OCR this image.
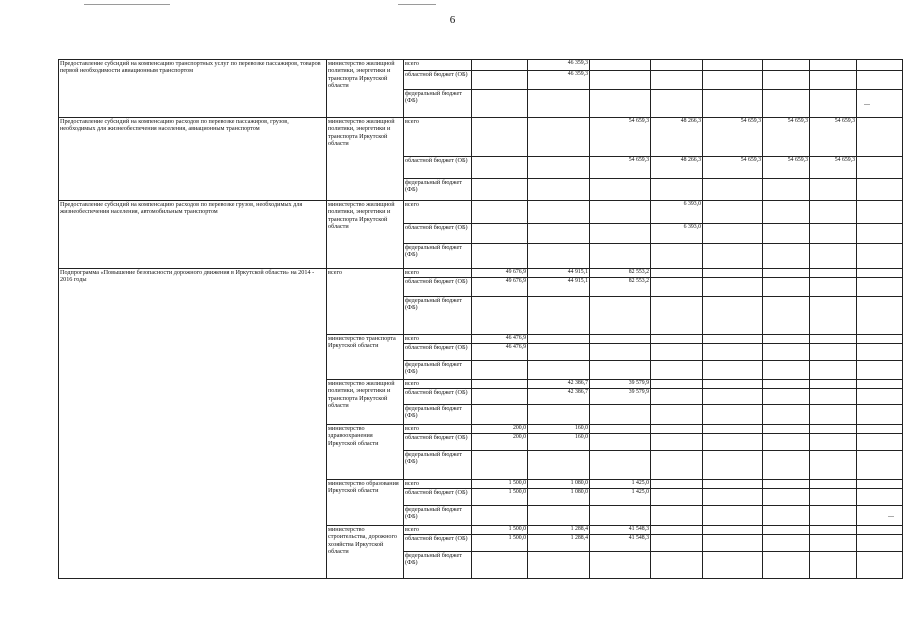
6
Предоставление субсидий на компенсацию транспортных услуг по перевозке пассажиров, товаров первой необходимости авиационным транспортом	министерство жилищной политики, энергетики и транспорта Иркутской области	всего		46 359,3						
		областной бюджет (ОБ)		46 359,3						
		федеральный бюджет (ФБ)								
Предоставление субсидий на компенсацию расходов по перевозке пассажиров, грузов, необходимых для жизнеобеспечения населения, авиационным транспортом	министерство жилищной политики, энергетики и транспорта Иркутской области	всего			54 659,3	48 266,3	54 659,3	54 659,3	54 659,3	
		областной бюджет (ОБ)			54 659,3	48 266,3	54 659,3	54 659,3	54 659,3	
		федеральный бюджет (ФБ)								
Предоставление субсидий на компенсацию расходов по перевозке грузов, необходимых для жизнеобеспечения населения, автомобильным транспортом	министерство жилищной политики, энергетики и транспорта Иркутской области	всего				6 393,0				
		областной бюджет (ОБ)				6 393,0				
		федеральный бюджет (ФБ)								
Подпрограмма «Повышение безопасности дорожного движения в Иркутской области» на 2014 - 2016 годы	всего	всего	49 676,9	44 915,1	82 553,2					
		областной бюджет (ОБ)	49 676,9	44 915,1	82 553,2					
		федеральный бюджет (ФБ)								
	министерство транспорта Иркутской области	всего	46 476,9							
		областной бюджет (ОБ)	46 476,9							
		федеральный бюджет (ФБ)								
	министерство жилищной политики, энергетики и транспорта Иркутской области	всего		42 386,7	39 579,9					
		областной бюджет (ОБ)		42 386,7	39 579,9					
		федеральный бюджет (ФБ)								
	министерство здравоохранения Иркутской области	всего	200,0	160,0						
		областной бюджет (ОБ)	200,0	160,0						
		федеральный бюджет (ФБ)								
	министерство образования Иркутской области	всего	1 500,0	1 080,0	1 425,0					
		областной бюджет (ОБ)	1 500,0	1 080,0	1 425,0					
		федеральный бюджет (ФБ)								
	министерство строительства, дорожного хозяйства Иркутской области	всего	1 500,0	1 288,4	41 548,3					
		областной бюджет (ОБ)	1 500,0	1 288,4	41 548,3					
		федеральный бюджет (ФБ)								
